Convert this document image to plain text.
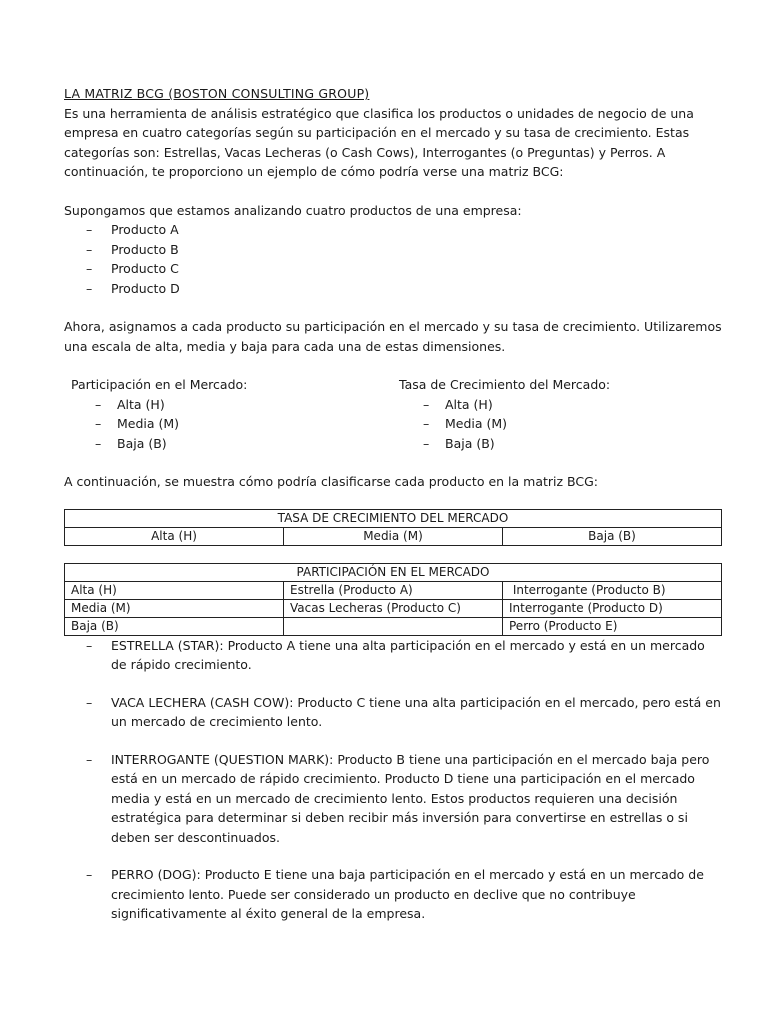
LA MATRIZ BCG (BOSTON CONSULTING GROUP)

Es una herramienta de análisis estratégico que clasifica los productos o unidades de negocio de una empresa en cuatro categorías según su participación en el mercado y su tasa de crecimiento. Estas categorías son: Estrellas, Vacas Lecheras (o Cash Cows), Interrogantes (o Preguntas) y Perros. A continuación, te proporciono un ejemplo de cómo podría verse una matriz BCG:

Supongamos que estamos analizando cuatro productos de una empresa:

– Producto A
– Producto B
– Producto C
– Producto D

Ahora, asignamos a cada producto su participación en el mercado y su tasa de crecimiento. Utilizaremos una escala de alta, media y baja para cada una de estas dimensiones.

Participación en el Mercado:

– Alta (H)
– Media (M)
– Baja (B)

Tasa de Crecimiento del Mercado:

– Alta (H)
– Media (M)
– Baja (B)

A continuación, se muestra cómo podría clasificarse cada producto en la matriz BCG:

TASA DE CRECIMIENTO DEL MERCADO
Alta (H)	Media (M)	Baja (B)
PARTICIPACIÓN EN EL MERCADO		
Alta (H)	Estrella (Producto A)	Interrogante (Producto B)
Media (M)	Vacas Lecheras (Producto C)	Interrogante (Producto D)
Baja (B)		Perro (Producto E)
– ESTRELLA (STAR): Producto A tiene una alta participación en el mercado y está en un mercado de rápido crecimiento.
– VACA LECHERA (CASH COW): Producto C tiene una alta participación en el mercado, pero está en un mercado de crecimiento lento.
– INTERROGANTE (QUESTION MARK): Producto B tiene una participación en el mercado baja pero está en un mercado de rápido crecimiento. Producto D tiene una participación en el mercado media y está en un mercado de crecimiento lento. Estos productos requieren una decisión estratégica para determinar si deben recibir más inversión para convertirse en estrellas o si deben ser descontinuados.
– PERRO (DOG): Producto E tiene una baja participación en el mercado y está en un mercado de crecimiento lento. Puede ser considerado un producto en declive que no contribuye significativamente al éxito general de la empresa.
